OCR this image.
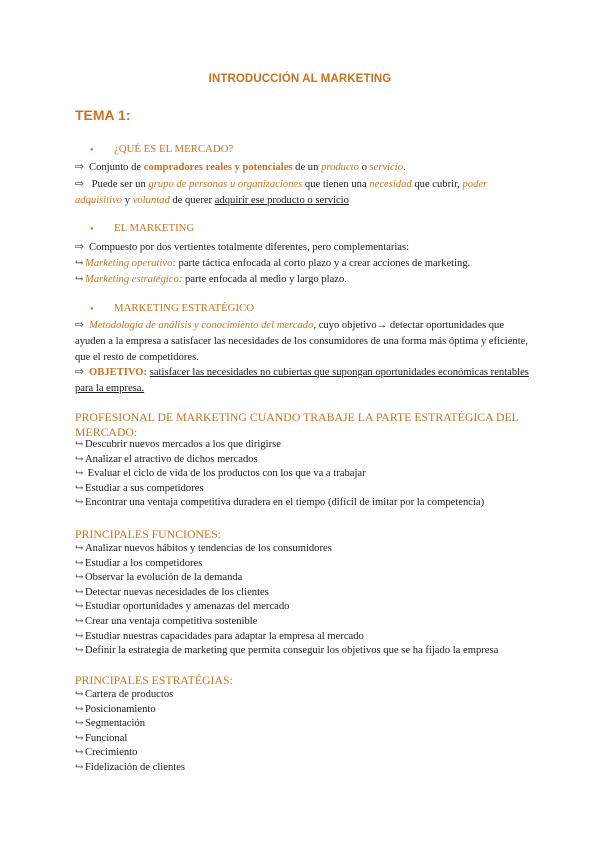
INTRODUCCIÓN AL MARKETING
TEMA 1:
● ¿QUÉ ES EL MERCADO?
⇨ Conjunto de compradores reales y potenciales de un producto o servicio.
⇨ Puede ser un grupo de personas u organizaciones que tienen una necesidad que cubrir, poder adquisitivo y voluntad de querer adquirir ese producto o servicio
● EL MARKETING
⇨ Compuesto por dos vertientes totalmente diferentes, pero complementarias:
↪ Marketing operativo: parte táctica enfocada al corto plazo y a crear acciones de marketing.
↪ Marketing estratégico: parte enfocada al medio y largo plazo.
● MARKETING ESTRATÉGICO
⇨ Metodología de análisis y conocimiento del mercado, cuyo objetivo→ detectar oportunidades que ayuden a la empresa a satisfacer las necesidades de los consumidores de una forma más óptima y eficiente, que el resto de competidores.
⇨ OBJETIVO: satisfacer las necesidades no cubiertas que supongan oportunidades económicas rentables para la empresa.
PROFESIONAL DE MARKETING CUANDO TRABAJE LA PARTE ESTRATÉGICA DEL MERCADO:
↪ Descubrir nuevos mercados a los que dirigirse
↪ Analizar el atractivo de dichos mercados
↪ Evaluar el ciclo de vida de los productos con los que va a trabajar
↪ Estudiar a sus competidores
↪ Encontrar una ventaja competitiva duradera en el tiempo (difícil de imitar por la competencia)
PRINCIPALES FUNCIONES:
↪ Analizar nuevos hábitos y tendencias de los consumidores
↪ Estudiar a los competidores
↪ Observar la evolución de la demanda
↪ Detectar nuevas necesidades de los clientes
↪ Estudiar oportunidades y amenazas del mercado
↪ Crear una ventaja competitiva sostenible
↪ Estudiar nuestras capacidades para adaptar la empresa al mercado
↪ Definir la estrategia de marketing que permita conseguir los objetivos que se ha fijado la empresa
PRINCIPALES ESTRATÉGIAS:
↪ Cartera de productos
↪ Posicionamiento
↪ Segmentación
↪ Funcional
↪ Crecimiento
↪ Fidelización de clientes
